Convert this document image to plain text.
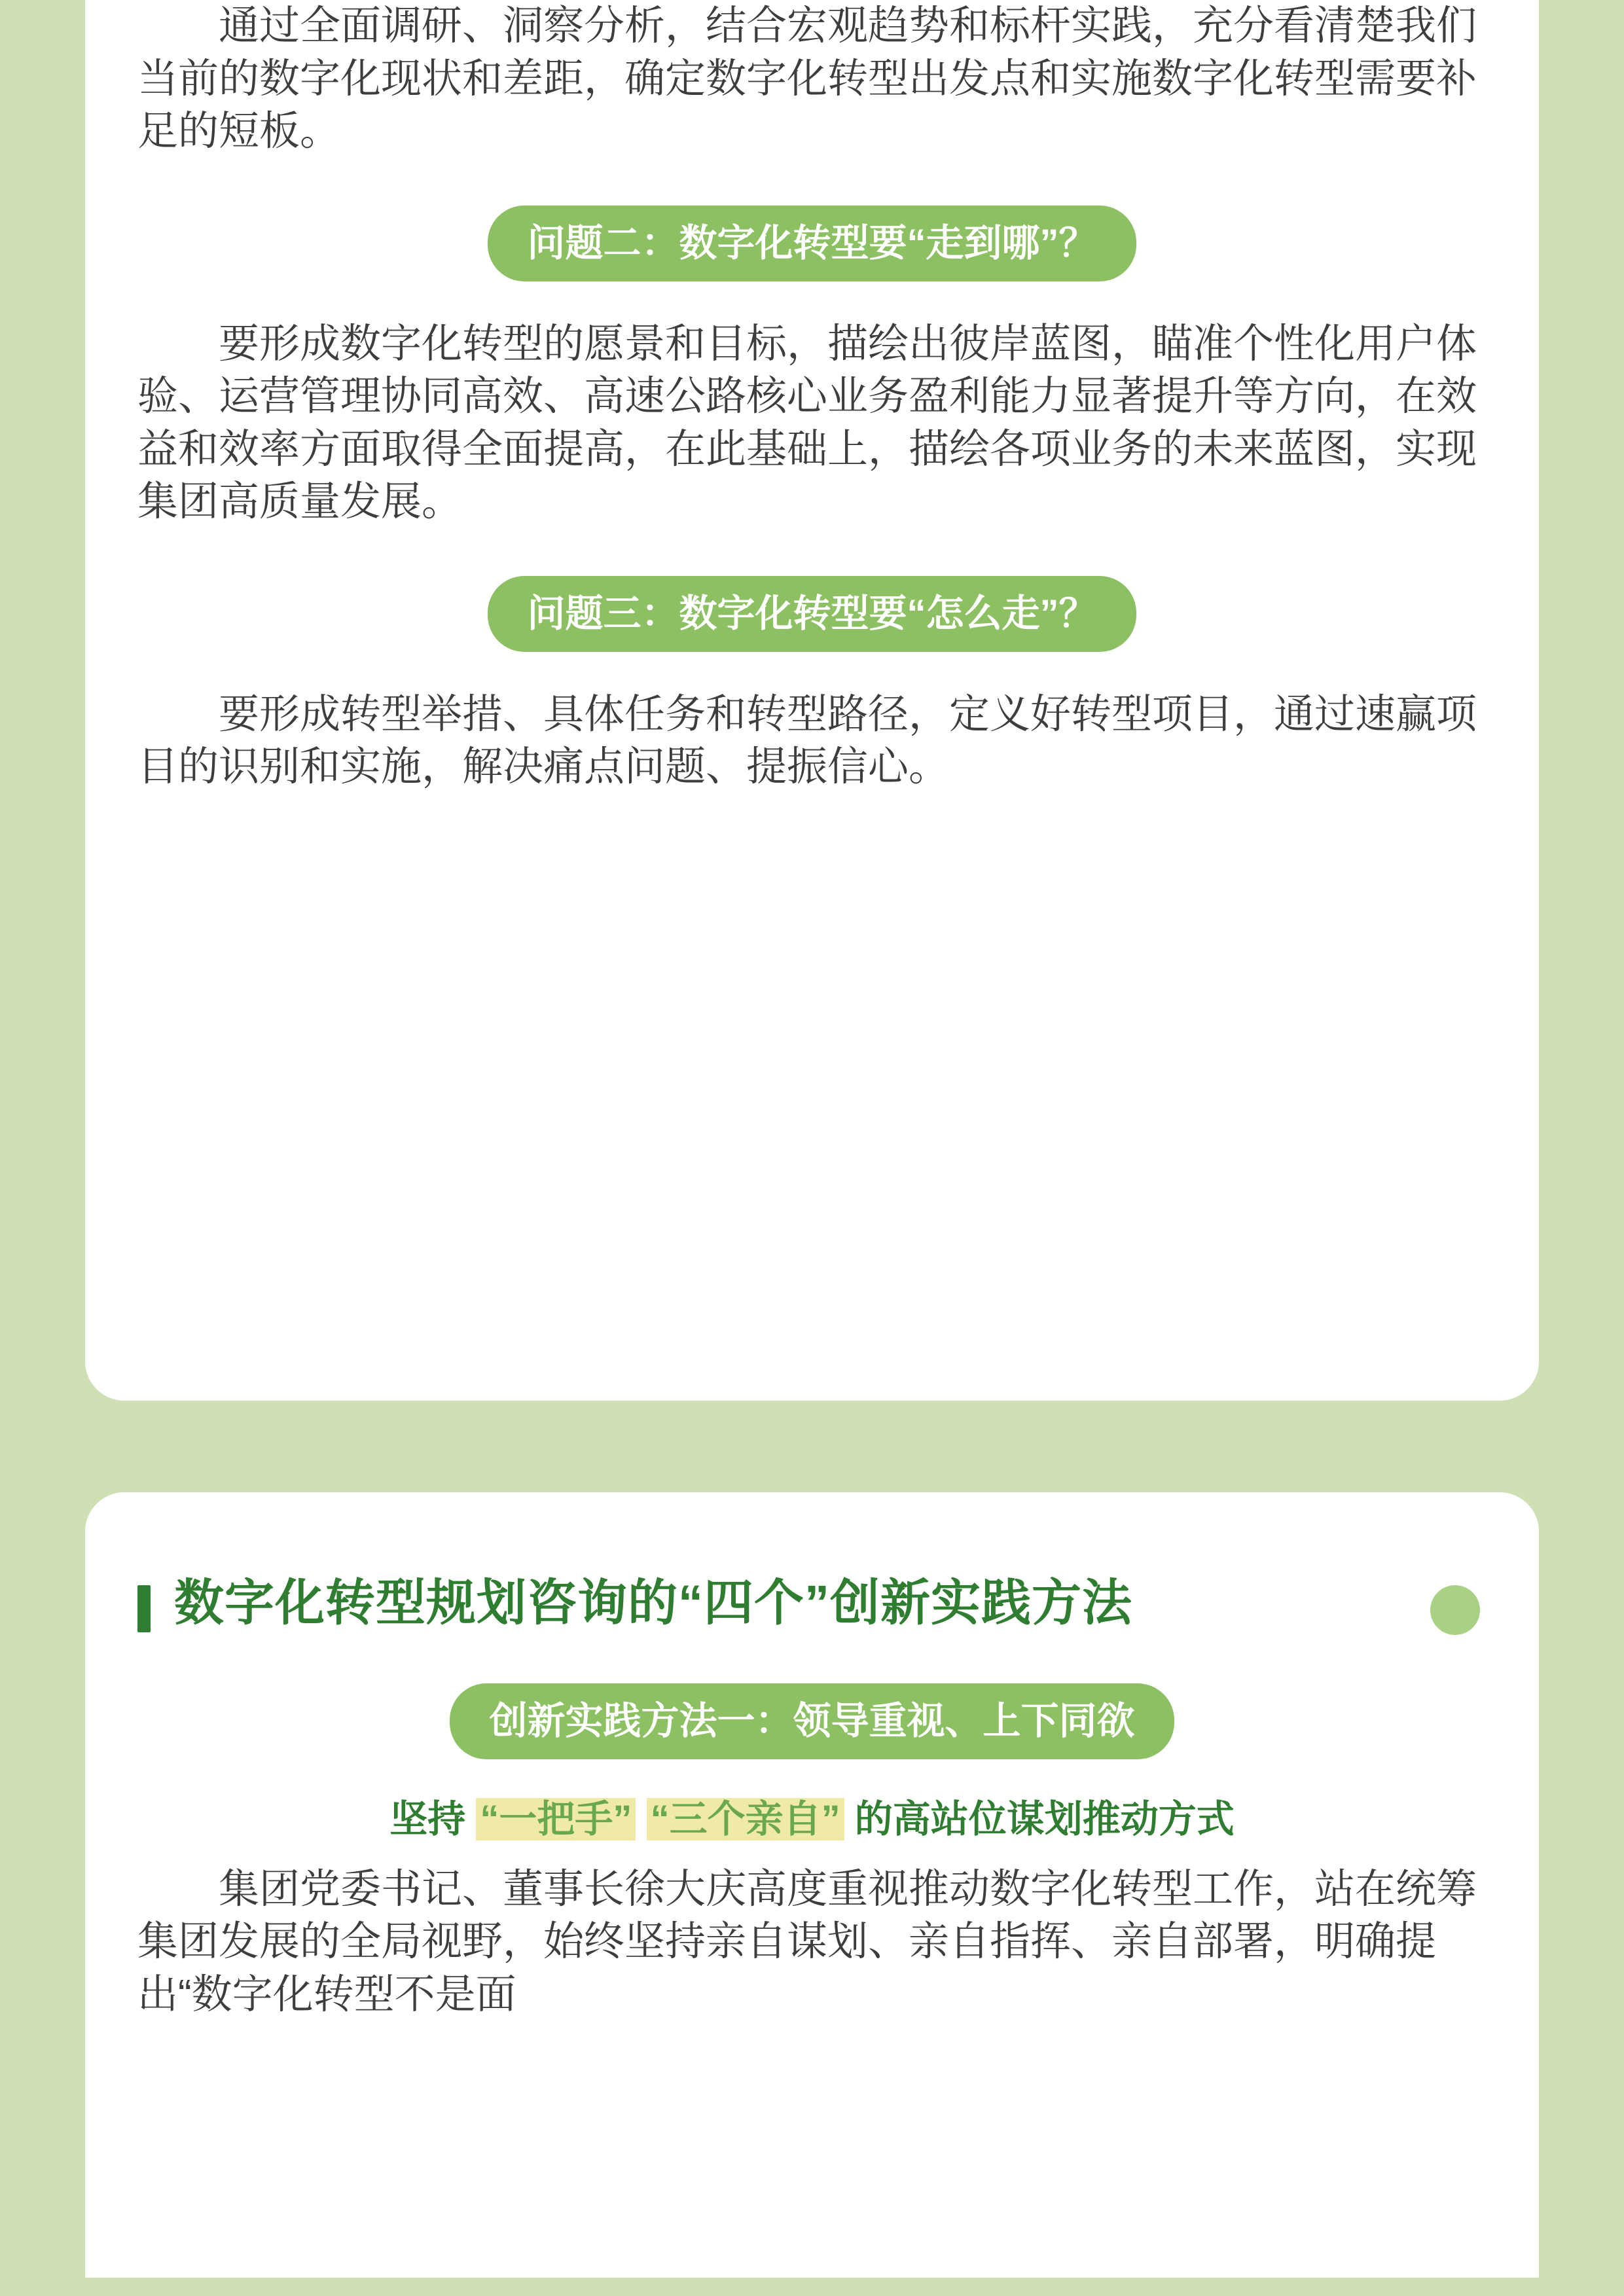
通过全面调研、洞察分析，结合宏观趋势和标杆实践，充分看清楚我们当前的数字化现状和差距，确定数字化转型出发点和实施数字化转型需要补足的短板。

问题二：数字化转型要“走到哪”？

要形成数字化转型的愿景和目标，描绘出彼岸蓝图，瞄准个性化用户体验、运营管理协同高效、高速公路核心业务盈利能力显著提升等方向，在效益和效率方面取得全面提高，在此基础上，描绘各项业务的未来蓝图，实现集团高质量发展。

问题三：数字化转型要“怎么走”？

要形成转型举措、具体任务和转型路径，定义好转型项目，通过速赢项目的识别和实施，解决痛点问题、提振信心。

数字化转型规划咨询的“四个”创新实践方法
创新实践方法一：领导重视、上下同欲
坚持 “一把手” “三个亲自” 的高站位谋划推动方式

集团党委书记、董事长徐大庆高度重视推动数字化转型工作，站在统筹集团发展的全局视野，始终坚持亲自谋划、亲自指挥、亲自部署，明确提出“数字化转型不是面
